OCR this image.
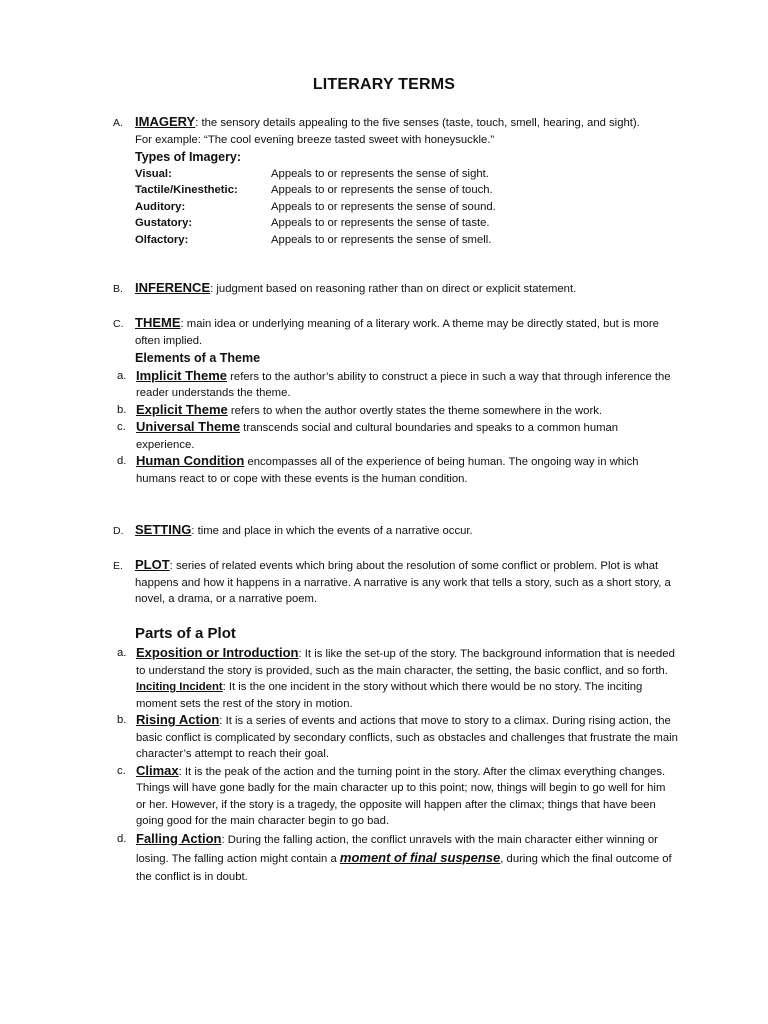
LITERARY TERMS
A. IMAGERY: the sensory details appealing to the five senses (taste, touch, smell, hearing, and sight).
For example: “The cool evening breeze tasted sweet with honeysuckle.”
Types of Imagery:
Visual:	Appeals to or represents the sense of sight.
Tactile/Kinesthetic:	Appeals to or represents the sense of touch.
Auditory:	Appeals to or represents the sense of sound.
Gustatory:	Appeals to or represents the sense of taste.
Olfactory:	Appeals to or represents the sense of smell.
B. INFERENCE: judgment based on reasoning rather than on direct or explicit statement.
C. THEME: main idea or underlying meaning of a literary work. A theme may be directly stated, but is more often implied.
Elements of a Theme
a. Implicit Theme refers to the author’s ability to construct a piece in such a way that through inference the reader understands the theme.
b. Explicit Theme refers to when the author overtly states the theme somewhere in the work.
c. Universal Theme transcends social and cultural boundaries and speaks to a common human experience.
d. Human Condition encompasses all of the experience of being human. The ongoing way in which humans react to or cope with these events is the human condition.
D. SETTING: time and place in which the events of a narrative occur.
E. PLOT: series of related events which bring about the resolution of some conflict or problem. Plot is what happens and how it happens in a narrative. A narrative is any work that tells a story, such as a short story, a novel, a drama, or a narrative poem.
Parts of a Plot
a. Exposition or Introduction: It is like the set-up of the story. The background information that is needed to understand the story is provided, such as the main character, the setting, the basic conflict, and so forth.
Inciting Incident: It is the one incident in the story without which there would be no story. The inciting moment sets the rest of the story in motion.
b. Rising Action: It is a series of events and actions that move to story to a climax. During rising action, the basic conflict is complicated by secondary conflicts, such as obstacles and challenges that frustrate the main character’s attempt to reach their goal.
c. Climax: It is the peak of the action and the turning point in the story. After the climax everything changes. Things will have gone badly for the main character up to this point; now, things will begin to go well for him or her. However, if the story is a tragedy, the opposite will happen after the climax; things that have been going good for the main character begin to go bad.
d. Falling Action: During the falling action, the conflict unravels with the main character either winning or losing. The falling action might contain a moment of final suspense, during which the final outcome of the conflict is in doubt.
